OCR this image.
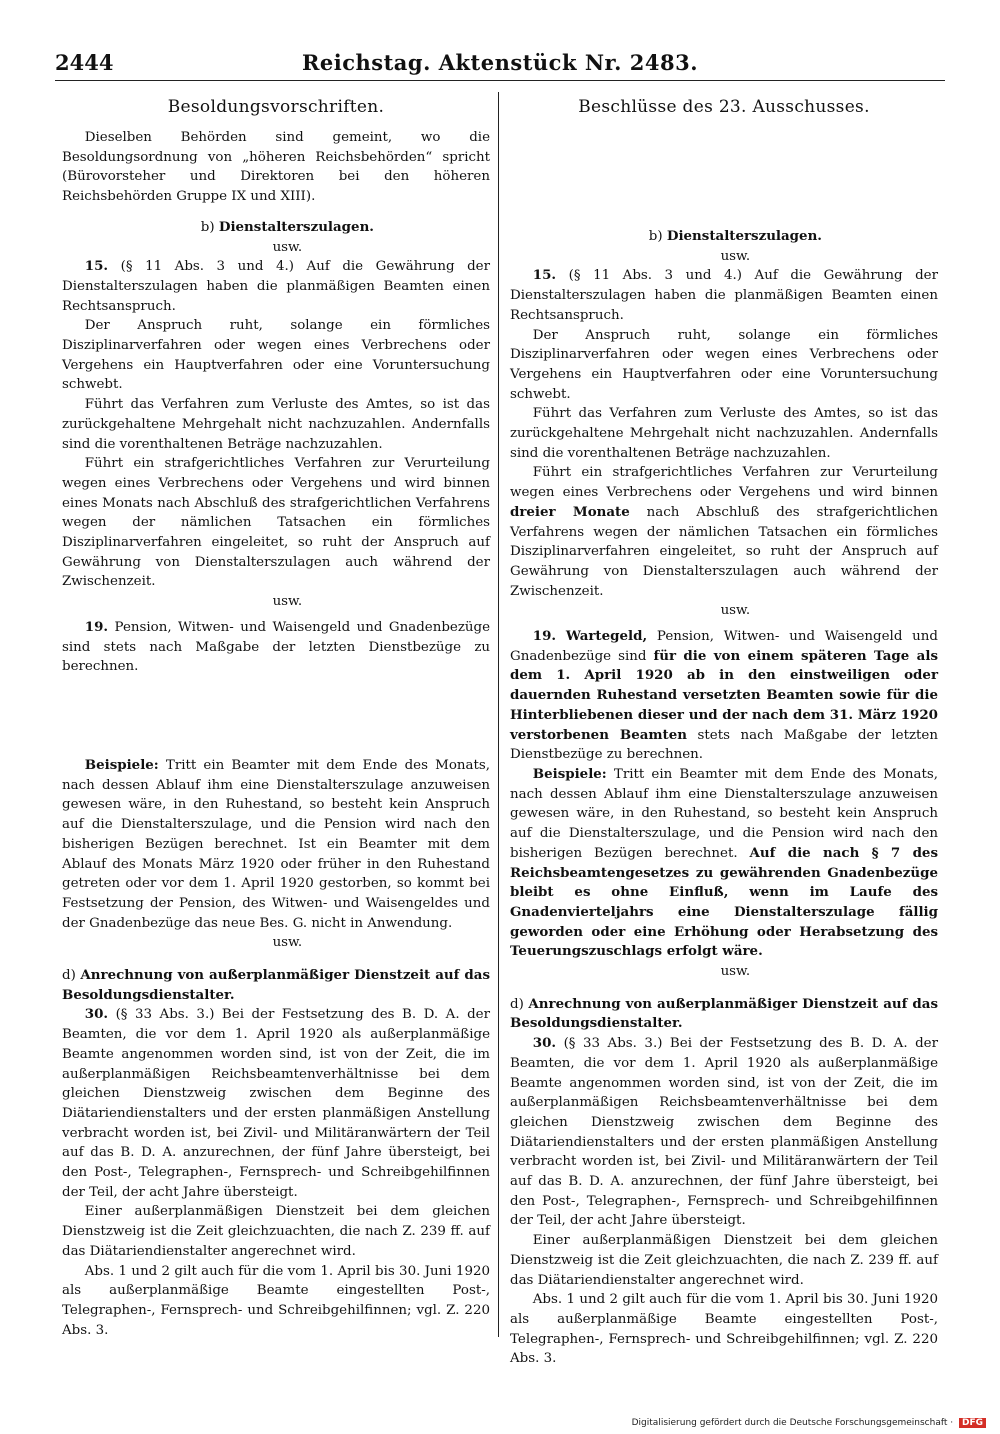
2444	Reichstag. Aktenstück Nr. 2483.
Besoldungsvorschriften.

Dieselben Behörden sind gemeint, wo die Besoldungsordnung von „höheren Reichsbehörden“ spricht (Bürovorsteher und Direktoren bei den höheren Reichsbehörden Gruppe IX und XIII).

b) Dienstalterszulagen.

usw.

15. (§ 11 Abs. 3 und 4.) Auf die Gewährung der Dienstalterszulagen haben die planmäßigen Beamten einen Rechtsanspruch.

Der Anspruch ruht, solange ein förmliches Disziplinarverfahren oder wegen eines Verbrechens oder Vergehens ein Hauptverfahren oder eine Voruntersuchung schwebt.

Führt das Verfahren zum Verluste des Amtes, so ist das zurückgehaltene Mehrgehalt nicht nachzuzahlen. Andernfalls sind die vorenthaltenen Beträge nachzuzahlen.

Führt ein strafgerichtliches Verfahren zur Verurteilung wegen eines Verbrechens oder Vergehens und wird binnen eines Monats nach Abschluß des strafgerichtlichen Verfahrens wegen der nämlichen Tatsachen ein förmliches Disziplinarverfahren eingeleitet, so ruht der Anspruch auf Gewährung von Dienstalterszulagen auch während der Zwischenzeit.

usw.

19. Pension, Witwen- und Waisengeld und Gnadenbezüge sind stets nach Maßgabe der letzten Dienstbezüge zu berechnen.

Beispiele: Tritt ein Beamter mit dem Ende des Monats, nach dessen Ablauf ihm eine Dienstalterszulage anzuweisen gewesen wäre, in den Ruhestand, so besteht kein Anspruch auf die Dienstalterszulage, und die Pension wird nach den bisherigen Bezügen berechnet. Ist ein Beamter mit dem Ablauf des Monats März 1920 oder früher in den Ruhestand getreten oder vor dem 1. April 1920 gestorben, so kommt bei Festsetzung der Pension, des Witwen- und Waisengeldes und der Gnadenbezüge das neue Bes. G. nicht in Anwendung.

usw.

d) Anrechnung von außerplanmäßiger Dienstzeit auf das Besoldungsdienstalter.

30. (§ 33 Abs. 3.) Bei der Festsetzung des B. D. A. der Beamten, die vor dem 1. April 1920 als außerplanmäßige Beamte angenommen worden sind, ist von der Zeit, die im außerplanmäßigen Reichsbeamtenverhältnisse bei dem gleichen Dienstzweig zwischen dem Beginne des Diätariendienstalters und der ersten planmäßigen Anstellung verbracht worden ist, bei Zivil- und Militäranwärtern der Teil auf das B. D. A. anzurechnen, der fünf Jahre übersteigt, bei den Post-, Telegraphen-, Fernsprech- und Schreibgehilfinnen der Teil, der acht Jahre übersteigt.

Einer außerplanmäßigen Dienstzeit bei dem gleichen Dienstzweig ist die Zeit gleichzuachten, die nach Z. 239 ff. auf das Diätariendienstalter angerechnet wird.

Abs. 1 und 2 gilt auch für die vom 1. April bis 30. Juni 1920 als außerplanmäßige Beamte eingestellten Post-, Telegraphen-, Fernsprech- und Schreibgehilfinnen; vgl. Z. 220 Abs. 3.

Beschlüsse des 23. Ausschusses.

b) Dienstalterszulagen.

usw.

15. (§ 11 Abs. 3 und 4.) Auf die Gewährung der Dienstalterszulagen haben die planmäßigen Beamten einen Rechtsanspruch.

Der Anspruch ruht, solange ein förmliches Disziplinarverfahren oder wegen eines Verbrechens oder Vergehens ein Hauptverfahren oder eine Voruntersuchung schwebt.

Führt das Verfahren zum Verluste des Amtes, so ist das zurückgehaltene Mehrgehalt nicht nachzuzahlen. Andernfalls sind die vorenthaltenen Beträge nachzuzahlen.

Führt ein strafgerichtliches Verfahren zur Verurteilung wegen eines Verbrechens oder Vergehens und wird binnen dreier Monate nach Abschluß des strafgerichtlichen Verfahrens wegen der nämlichen Tatsachen ein förmliches Disziplinarverfahren eingeleitet, so ruht der Anspruch auf Gewährung von Dienstalterszulagen auch während der Zwischenzeit.

usw.

19. Wartegeld, Pension, Witwen- und Waisengeld und Gnadenbezüge sind für die von einem späteren Tage als dem 1. April 1920 ab in den einstweiligen oder dauernden Ruhestand versetzten Beamten sowie für die Hinterbliebenen dieser und der nach dem 31. März 1920 verstorbenen Beamten stets nach Maßgabe der letzten Dienstbezüge zu berechnen.

Beispiele: Tritt ein Beamter mit dem Ende des Monats, nach dessen Ablauf ihm eine Dienstalterszulage anzuweisen gewesen wäre, in den Ruhestand, so besteht kein Anspruch auf die Dienstalterszulage, und die Pension wird nach den bisherigen Bezügen berechnet. Auf die nach § 7 des Reichsbeamtengesetzes zu gewährenden Gnadenbezüge bleibt es ohne Einfluß, wenn im Laufe des Gnadenvierteljahrs eine Dienstalterszulage fällig geworden oder eine Erhöhung oder Herabsetzung des Teuerungszuschlags erfolgt wäre.

usw.

d) Anrechnung von außerplanmäßiger Dienstzeit auf das Besoldungsdienstalter.

30. (§ 33 Abs. 3.) Bei der Festsetzung des B. D. A. der Beamten, die vor dem 1. April 1920 als außerplanmäßige Beamte angenommen worden sind, ist von der Zeit, die im außerplanmäßigen Reichsbeamtenverhältnisse bei dem gleichen Dienstzweig zwischen dem Beginne des Diätariendienstalters und der ersten planmäßigen Anstellung verbracht worden ist, bei Zivil- und Militäranwärtern der Teil auf das B. D. A. anzurechnen, der fünf Jahre übersteigt, bei den Post-, Telegraphen-, Fernsprech- und Schreibgehilfinnen der Teil, der acht Jahre übersteigt.

Einer außerplanmäßigen Dienstzeit bei dem gleichen Dienstzweig ist die Zeit gleichzuachten, die nach Z. 239 ff. auf das Diätariendienstalter angerechnet wird.

Abs. 1 und 2 gilt auch für die vom 1. April bis 30. Juni 1920 als außerplanmäßige Beamte eingestellten Post-, Telegraphen-, Fernsprech- und Schreibgehilfinnen; vgl. Z. 220 Abs. 3.

Digitalisierung gefördert durch die Deutsche Forschungsgemeinschaft · DFG
